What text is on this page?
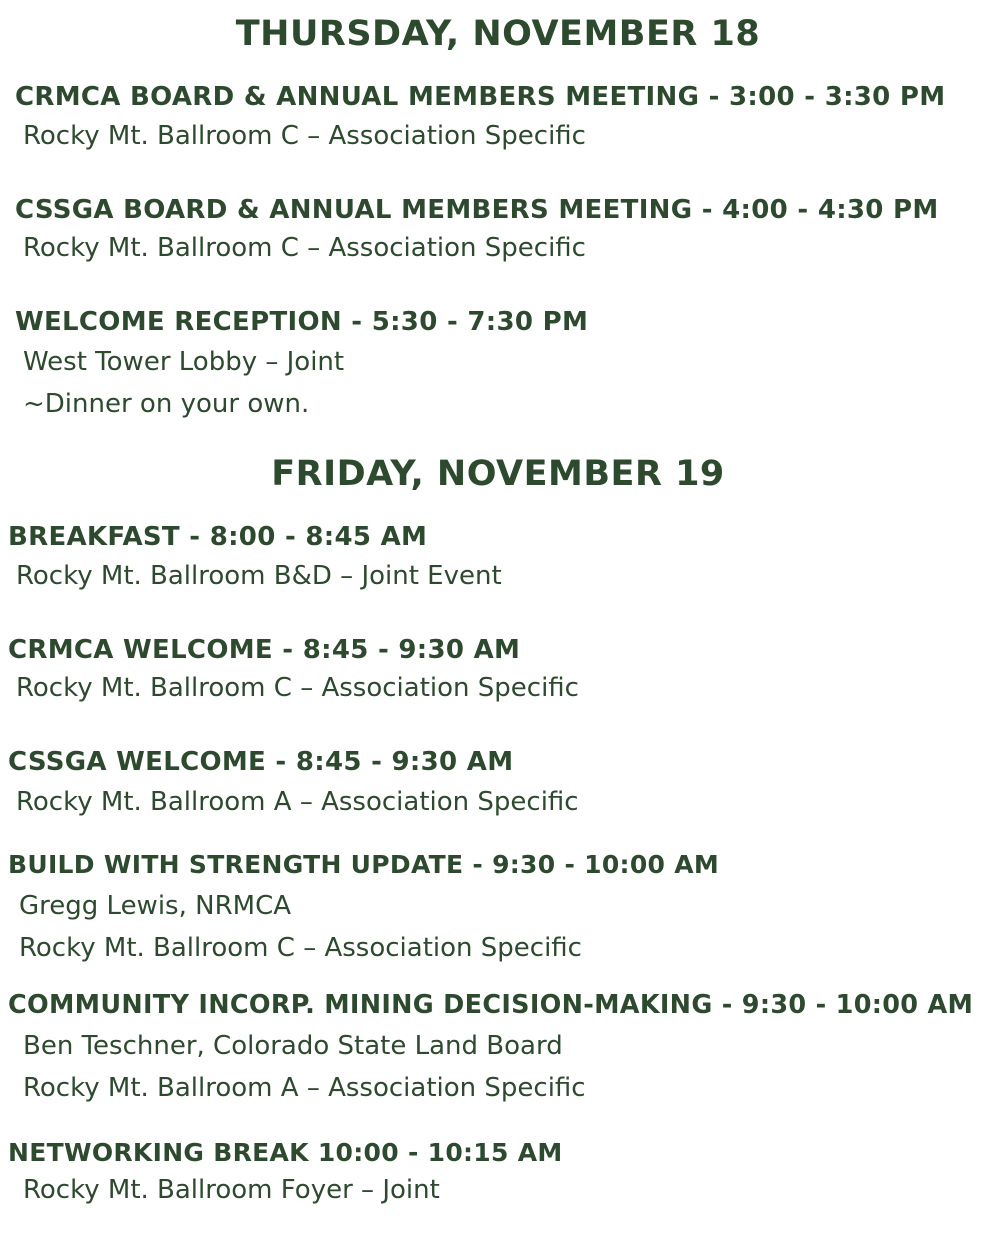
THURSDAY, NOVEMBER 18
CRMCA BOARD & ANNUAL MEMBERS MEETING - 3:00 - 3:30 PM
Rocky Mt. Ballroom C – Association Specific
CSSGA BOARD & ANNUAL MEMBERS MEETING - 4:00 - 4:30 PM
Rocky Mt. Ballroom C – Association Specific
WELCOME RECEPTION - 5:30 - 7:30 PM
West Tower Lobby – Joint
~Dinner on your own.
FRIDAY, NOVEMBER 19
BREAKFAST - 8:00 - 8:45 AM
Rocky Mt. Ballroom B&D – Joint Event
CRMCA WELCOME - 8:45 - 9:30 AM
Rocky Mt. Ballroom C – Association Specific
CSSGA WELCOME - 8:45 - 9:30 AM
Rocky Mt. Ballroom A – Association Specific
BUILD WITH STRENGTH UPDATE - 9:30 - 10:00 AM
Gregg Lewis, NRMCA
Rocky Mt. Ballroom C – Association Specific
COMMUNITY INCORP. MINING DECISION-MAKING - 9:30 - 10:00 AM
Ben Teschner, Colorado State Land Board
Rocky Mt. Ballroom A – Association Specific
NETWORKING BREAK 10:00 - 10:15 AM
Rocky Mt. Ballroom Foyer – Joint
